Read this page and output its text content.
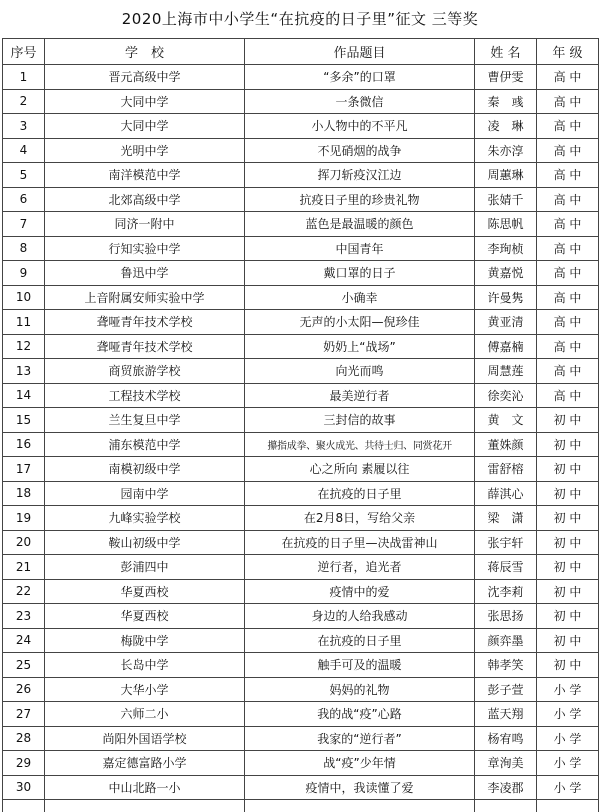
2020上海市中小学生“在抗疫的日子里”征文 三等奖
序号	学　校	作品题目	姓 名	年 级
1	晋元高级中学	“多余”的口罩	曹伊雯	高 中
2	大同中学	一条微信	秦　彧	高 中
3	大同中学	小人物中的不平凡	凌　琳	高 中
4	光明中学	不见硝烟的战争	朱亦淳	高 中
5	南洋模范中学	挥刀斩疫汉江边	周蕙琳	高 中
6	北郊高级中学	抗疫日子里的珍贵礼物	张婧千	高 中
7	同济一附中	蓝色是最温暖的颜色	陈思帆	高 中
8	行知实验中学	中国青年	李珣桢	高 中
9	鲁迅中学	戴口罩的日子	黄嘉悦	高 中
10	上音附属安师实验中学	小确幸	许曼隽	高 中
11	聋哑青年技术学校	无声的小太阳—倪珍佳	黄亚清	高 中
12	聋哑青年技术学校	奶奶上“战场”	傅嘉楠	高 中
13	商贸旅游学校	向光而鸣	周慧莲	高 中
14	工程技术学校	最美逆行者	徐奕沁	高 中
15	兰生复旦中学	三封信的故事	黄　文	初 中
16	浦东模范中学	攥指成拳、聚火成光、共待士归、同赏花开	董姝颜	初 中
17	南模初级中学	心之所向 素履以往	雷舒榕	初 中
18	园南中学	在抗疫的日子里	薛淇心	初 中
19	九峰实验学校	在2月8日，写给父亲	梁　潇	初 中
20	鞍山初级中学	在抗疫的日子里—决战雷神山	张宇轩	初 中
21	彭浦四中	逆行者，追光者	蒋辰雪	初 中
22	华夏西校	疫情中的爱	沈李莉	初 中
23	华夏西校	身边的人给我感动	张思扬	初 中
24	梅陇中学	在抗疫的日子里	颜弈墨	初 中
25	长岛中学	触手可及的温暖	韩孝笑	初 中
26	大华小学	妈妈的礼物	彭子萱	小 学
27	六师二小	我的战“疫”心路	蓝天翔	小 学
28	尚阳外国语学校	我家的“逆行者”	杨宥鸣	小 学
29	嘉定德富路小学	战“疫”少年情	章洵美	小 学
30	中山北路一小	疫情中，我读懂了爱	李凌郡	小 学
